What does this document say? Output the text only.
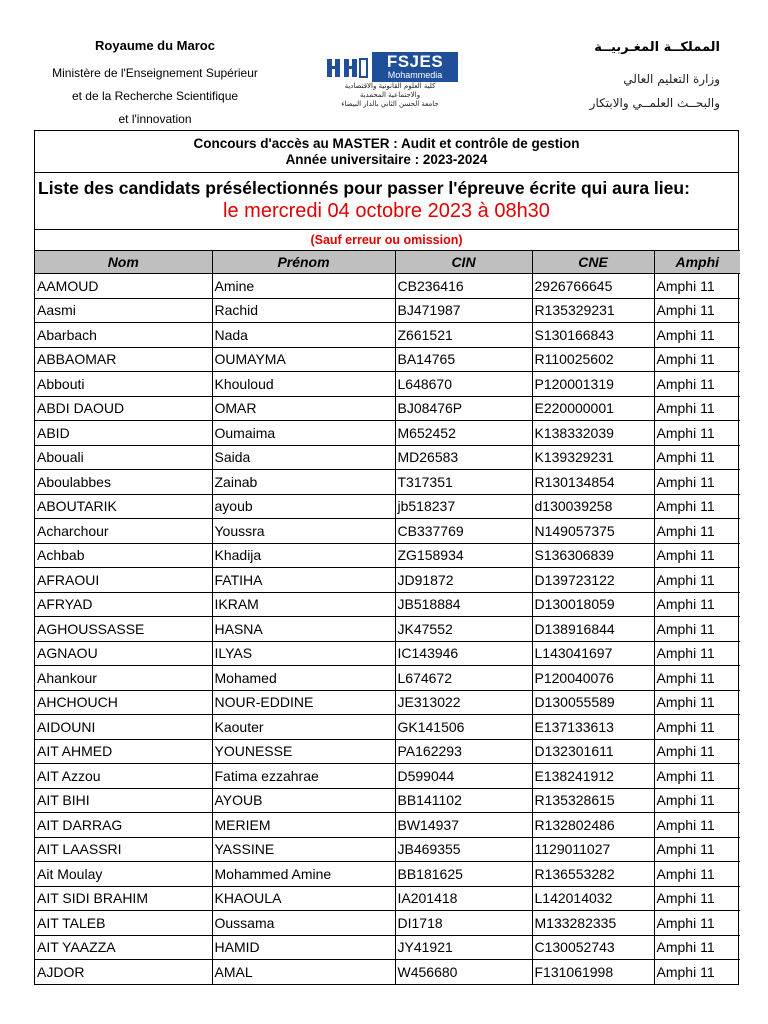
Royaume du Maroc
Ministère de l'Enseignement Supérieur
et de la Recherche Scientifique
et l'innovation
FSJES
Mohammedia
كلية العلوم القانونية والاقتصادية
والاجتماعية المحمدية
جامعة الحسن الثاني بالدار البيضاء
المملكــة المغـربيــة
وزارة التعليم العالي
والبحــث العلمــي والابتكار
Concours d'accès au MASTER : Audit et contrôle de gestion
Année universitaire : 2023-2024
Liste des candidats présélectionnés pour passer l'épreuve écrite qui aura lieu:
le mercredi 04 octobre 2023 à 08h30
(Sauf erreur ou omission)
Nom	Prénom	CIN	CNE	Amphi
AAMOUD	Amine	CB236416	2926766645	Amphi 11
Aasmi	Rachid	BJ471987	R135329231	Amphi 11
Abarbach	Nada	Z661521	S130166843	Amphi 11
ABBAOMAR	OUMAYMA	BA14765	R110025602	Amphi 11
Abbouti	Khouloud	L648670	P120001319	Amphi 11
ABDI DAOUD	OMAR	BJ08476P	E220000001	Amphi 11
ABID	Oumaima	M652452	K138332039	Amphi 11
Abouali	Saida	MD26583	K139329231	Amphi 11
Aboulabbes	Zainab	T317351	R130134854	Amphi 11
ABOUTARIK	ayoub	jb518237	d130039258	Amphi 11
Acharchour	Youssra	CB337769	N149057375	Amphi 11
Achbab	Khadija	ZG158934	S136306839	Amphi 11
AFRAOUI	FATIHA	JD91872	D139723122	Amphi 11
AFRYAD	IKRAM	JB518884	D130018059	Amphi 11
AGHOUSSASSE	HASNA	JK47552	D138916844	Amphi 11
AGNAOU	ILYAS	IC143946	L143041697	Amphi 11
Ahankour	Mohamed	L674672	P120040076	Amphi 11
AHCHOUCH	NOUR-EDDINE	JE313022	D130055589	Amphi 11
AIDOUNI	Kaouter	GK141506	E137133613	Amphi 11
AIT AHMED	YOUNESSE	PA162293	D132301611	Amphi 11
AIT Azzou	Fatima ezzahrae	D599044	E138241912	Amphi 11
AIT BIHI	AYOUB	BB141102	R135328615	Amphi 11
AIT DARRAG	MERIEM	BW14937	R132802486	Amphi 11
AIT LAASSRI	YASSINE	JB469355	1129011027	Amphi 11
Ait Moulay	Mohammed Amine	BB181625	R136553282	Amphi 11
AIT SIDI BRAHIM	KHAOULA	IA201418	L142014032	Amphi 11
AIT TALEB	Oussama	DI1718	M133282335	Amphi 11
AIT YAAZZA	HAMID	JY41921	C130052743	Amphi 11
AJDOR	AMAL	W456680	F131061998	Amphi 11
